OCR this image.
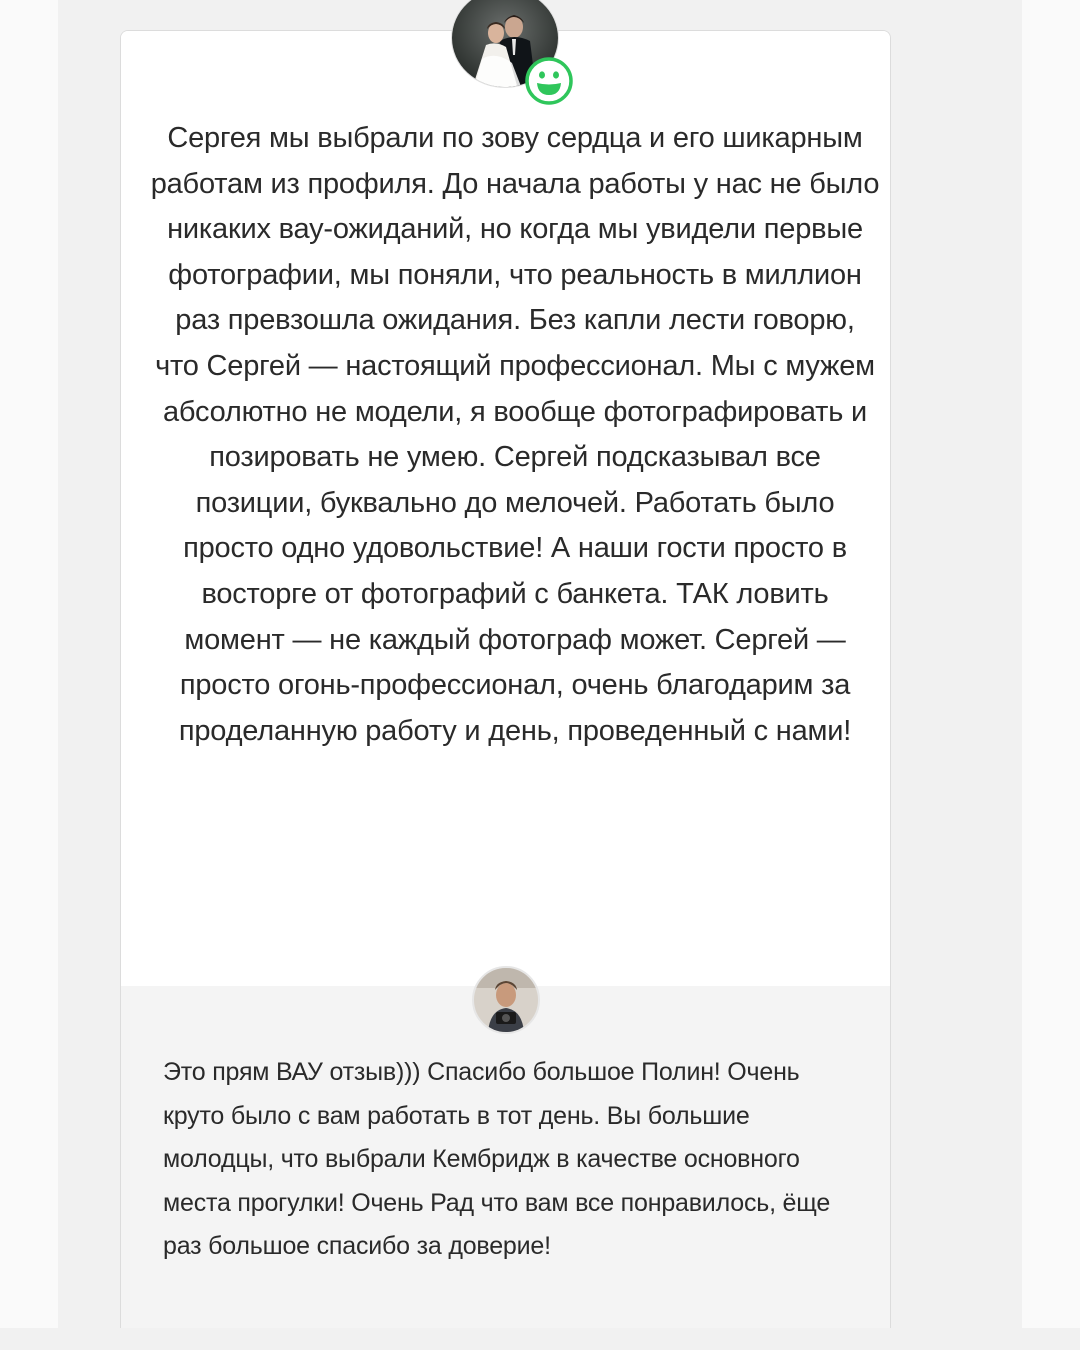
Сергея мы выбрали по зову сердца и его шикарным работам из профиля. До начала работы у нас не было никаких вау-ожиданий, но когда мы увидели первые фотографии, мы поняли, что реальность в миллион раз превзошла ожидания. Без капли лести говорю, что Сергей — настоящий профессионал. Мы с мужем абсолютно не модели, я вообще фотографировать и позировать не умею. Сергей подсказывал все позиции, буквально до мелочей. Работать было просто одно удовольствие! А наши гости просто в восторге от фотографий с банкета. ТАК ловить момент — не каждый фотограф может. Сергей — просто огонь-профессионал, очень благодарим за проделанную работу и день, проведенный с нами!

Это прям ВАУ отзыв))) Спасибо большое Полин! Очень круто было с вам работать в тот день. Вы большие молодцы, что выбрали Кембридж в качестве основного места прогулки! Очень Рад что вам все понравилось, ёще раз большое спасибо за доверие!
